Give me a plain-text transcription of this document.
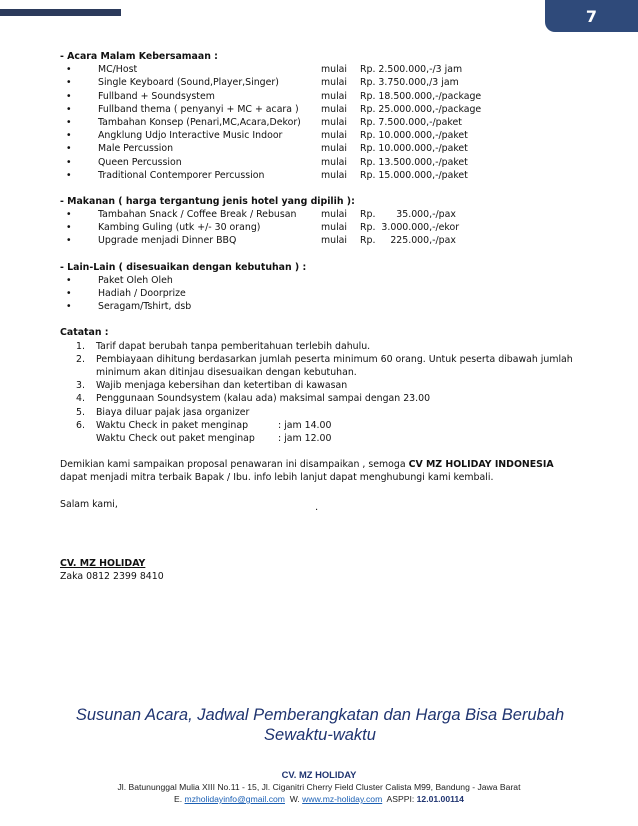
7
- Acara Malam Kebersamaan :
•	MC/Host	mulai Rp. 2.500.000,-/3 jam
•	Single Keyboard (Sound,Player,Singer)	mulai Rp. 3.750.000,/3 jam
•	Fullband + Soundsystem	mulai Rp. 18.500.000,-/package
•	Fullband thema ( penyanyi + MC + acara ) mulai Rp. 25.000.000,-/package
•	Tambahan Konsep (Penari,MC,Acara,Dekor) mulai Rp. 7.500.000,-/paket
•	Angklung Udjo Interactive Music Indoor	mulai Rp. 10.000.000,-/paket
•	Male Percussion	mulai Rp. 10.000.000,-/paket
•	Queen Percussion	mulai Rp. 13.500.000,-/paket
•	Traditional Contemporer Percussion	mulai Rp. 15.000.000,-/paket
- Makanan ( harga tergantung jenis hotel yang dipilih ):
•	Tambahan Snack / Coffee Break / Rebusan	mulai Rp.       35.000,-/pax
•	Kambing Guling (utk +/- 30 orang)	mulai Rp.  3.000.000,-/ekor
•	Upgrade menjadi Dinner BBQ	mulai Rp.     225.000,-/pax
- Lain-Lain ( disesuaikan dengan kebutuhan ) :
•	Paket Oleh Oleh
•	Hadiah / Doorprize
•	Seragam/Tshirt, dsb
Catatan :
1. Tarif dapat berubah tanpa pemberitahuan terlebih dahulu.
2. Pembiayaan dihitung berdasarkan jumlah peserta minimum 60 orang. Untuk peserta dibawah jumlah minimum akan ditinjau disesuaikan dengan kebutuhan.
3. Wajib menjaga kebersihan dan ketertiban di kawasan
4. Penggunaan Soundsystem (kalau ada) maksimal sampai dengan 23.00
5. Biaya diluar pajak jasa organizer
6. Waktu Check in paket menginap	: jam 14.00
Waktu Check out paket menginap : jam 12.00
Demikian kami sampaikan proposal penawaran ini disampaikan , semoga CV MZ HOLIDAY INDONESIA
dapat menjadi mitra terbaik Bapak / Ibu. info lebih lanjut dapat menghubungi kami kembali.
Salam kami,	.
CV. MZ HOLIDAY
Zaka 0812 2399 8410
Susunan Acara, Jadwal Pemberangkatan dan Harga Bisa Berubah
Sewaktu-waktu
CV. MZ HOLIDAY
Jl. Batununggal Mulia XIII No.11 - 15, Jl. Ciganitri Cherry Field Cluster Calista M99, Bandung - Jawa Barat
E. mzholidayinfo@gmail.com  W. www.mz-holiday.com  ASPPI: 12.01.00114
